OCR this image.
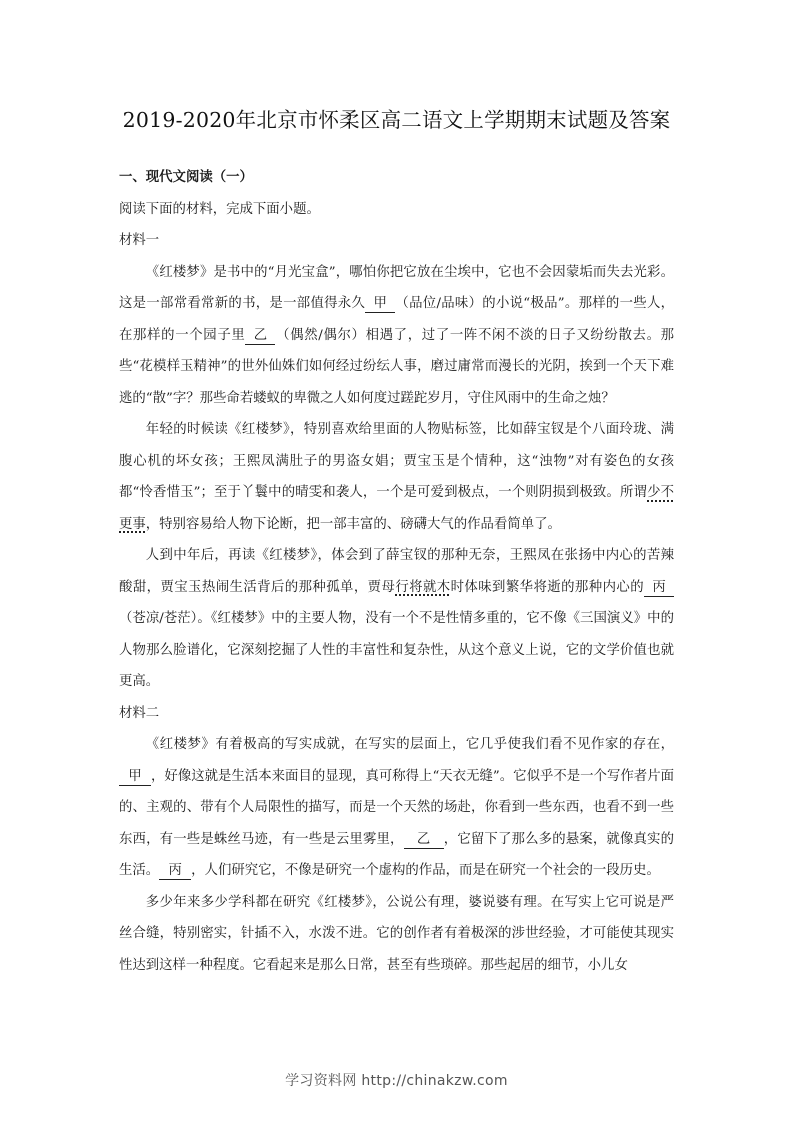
2019-2020年北京市怀柔区高二语文上学期期末试题及答案

一、现代文阅读（一）

阅读下面的材料，完成下面小题。

材料一

《红楼梦》是书中的“月光宝盒”，哪怕你把它放在尘埃中，它也不会因蒙垢而失去光彩。这是一部常看常新的书，是一部值得永久 甲 （品位/品味）的小说“极品”。那样的一些人，在那样的一个园子里 乙 （偶然/偶尔）相遇了，过了一阵不闲不淡的日子又纷纷散去。那些“花模样玉精神”的世外仙姝们如何经过纷纭人事，磨过庸常而漫长的光阴，挨到一个天下难逃的“散”字？那些命若蝼蚁的卑微之人如何度过蹉跎岁月，守住风雨中的生命之烛？

年轻的时候读《红楼梦》，特别喜欢给里面的人物贴标签，比如薛宝钗是个八面玲珑、满腹心机的坏女孩；王熙凤满肚子的男盗女娼；贾宝玉是个情种，这“浊物”对有姿色的女孩都“怜香惜玉”；至于丫鬟中的晴雯和袭人，一个是可爱到极点，一个则阴损到极致。所谓少不更事，特别容易给人物下论断，把一部丰富的、磅礴大气的作品看简单了。

人到中年后，再读《红楼梦》，体会到了薛宝钗的那种无奈，王熙凤在张扬中内心的苦辣酸甜，贾宝玉热闹生活背后的那种孤单，贾母行将就木时体味到繁华将逝的那种内心的 丙（苍凉/苍茫）。《红楼梦》中的主要人物，没有一个不是性情多重的，它不像《三国演义》中的人物那么脸谱化，它深刻挖掘了人性的丰富性和复杂性，从这个意义上说，它的文学价值也就更高。

材料二

《红楼梦》有着极高的写实成就，在写实的层面上，它几乎使我们看不见作家的存在，甲 ，好像这就是生活本来面目的显现，真可称得上“天衣无缝”。它似乎不是一个写作者片面的、主观的、带有个人局限性的描写，而是一个天然的场赴，你看到一些东西，也看不到一些东西，有一些是蛛丝马迹，有一些是云里雾里， 乙 ，它留下了那么多的悬案，就像真实的生活。 丙 ，人们研究它，不像是研究一个虚构的作品，而是在研究一个社会的一段历史。

多少年来多少学科都在研究《红楼梦》，公说公有理，婆说婆有理。在写实上它可说是严丝合缝，特别密实，针插不入，水泼不进。它的创作者有着极深的涉世经验，才可能使其现实性达到这样一种程度。它看起来是那么日常，甚至有些琐碎。那些起居的细节，小儿女

学习资料网 http://chinakzw.com
